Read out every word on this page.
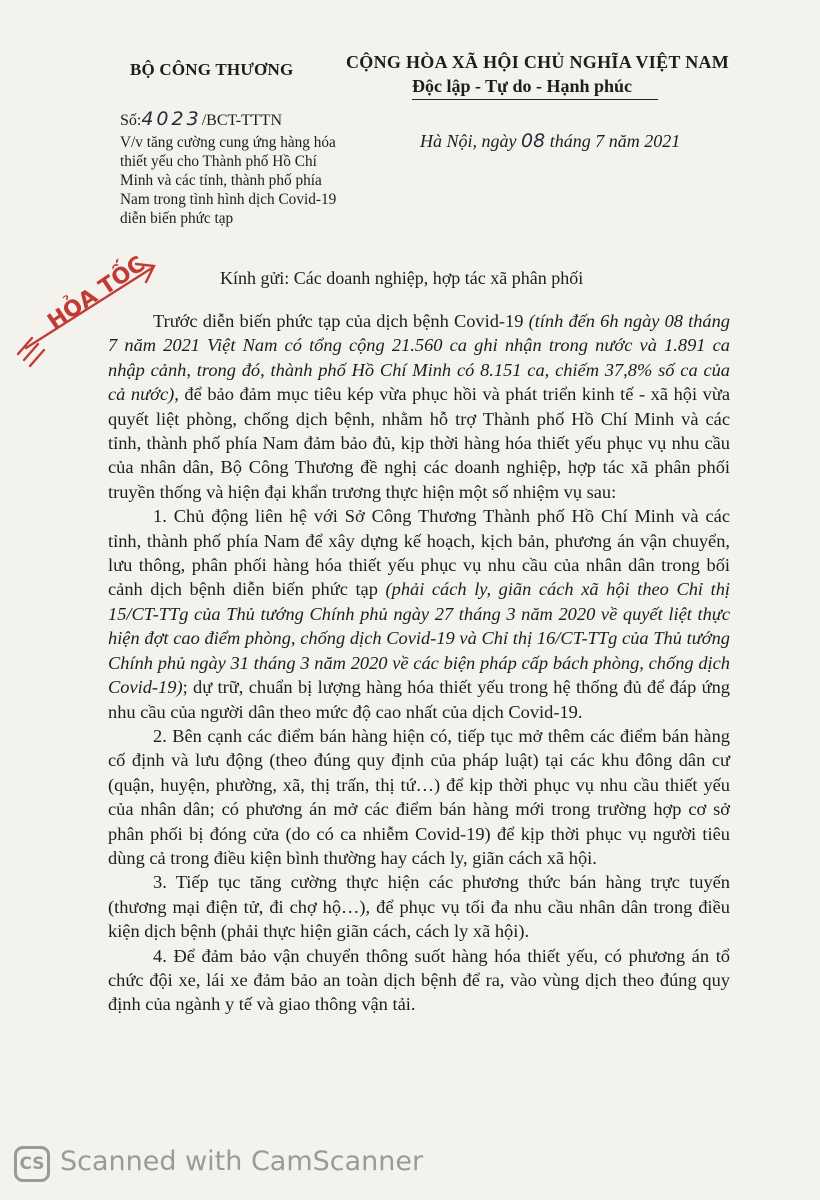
BỘ CÔNG THƯƠNG	CỘNG HÒA XÃ HỘI CHỦ NGHĨA VIỆT NAM
Độc lập - Tự do - Hạnh phúc
Số:4023/BCT-TTTN
V/v tăng cường cung ứng hàng hóa thiết yếu cho Thành phố Hồ Chí Minh và các tỉnh, thành phố phía Nam trong tình hình dịch Covid-19 diễn biến phức tạp
Hà Nội, ngày 08 tháng 7 năm 2021
HỎA TỐC	Kính gửi: Các doanh nghiệp, hợp tác xã phân phối

Trước diễn biến phức tạp của dịch bệnh Covid-19 (tính đến 6h ngày 08 tháng 7 năm 2021 Việt Nam có tổng cộng 21.560 ca ghi nhận trong nước và 1.891 ca nhập cảnh, trong đó, thành phố Hồ Chí Minh có 8.151 ca, chiếm 37,8% số ca của cả nước), để bảo đảm mục tiêu kép vừa phục hồi và phát triển kinh tế - xã hội vừa quyết liệt phòng, chống dịch bệnh, nhằm hỗ trợ Thành phố Hồ Chí Minh và các tỉnh, thành phố phía Nam đảm bảo đủ, kịp thời hàng hóa thiết yếu phục vụ nhu cầu của nhân dân, Bộ Công Thương đề nghị các doanh nghiệp, hợp tác xã phân phối truyền thống và hiện đại khẩn trương thực hiện một số nhiệm vụ sau:

1. Chủ động liên hệ với Sở Công Thương Thành phố Hồ Chí Minh và các tỉnh, thành phố phía Nam để xây dựng kế hoạch, kịch bản, phương án vận chuyển, lưu thông, phân phối hàng hóa thiết yếu phục vụ nhu cầu của nhân dân trong bối cảnh dịch bệnh diễn biến phức tạp (phải cách ly, giãn cách xã hội theo Chỉ thị 15/CT-TTg của Thủ tướng Chính phủ ngày 27 tháng 3 năm 2020 về quyết liệt thực hiện đợt cao điểm phòng, chống dịch Covid-19 và Chỉ thị 16/CT-TTg của Thủ tướng Chính phủ ngày 31 tháng 3 năm 2020 về các biện pháp cấp bách phòng, chống dịch Covid-19); dự trữ, chuẩn bị lượng hàng hóa thiết yếu trong hệ thống đủ để đáp ứng nhu cầu của người dân theo mức độ cao nhất của dịch Covid-19.

2. Bên cạnh các điểm bán hàng hiện có, tiếp tục mở thêm các điểm bán hàng cố định và lưu động (theo đúng quy định của pháp luật) tại các khu đông dân cư (quận, huyện, phường, xã, thị trấn, thị tứ…) để kịp thời phục vụ nhu cầu thiết yếu của nhân dân; có phương án mở các điểm bán hàng mới trong trường hợp cơ sở phân phối bị đóng cửa (do có ca nhiễm Covid-19) để kịp thời phục vụ người tiêu dùng cả trong điều kiện bình thường hay cách ly, giãn cách xã hội.

3. Tiếp tục tăng cường thực hiện các phương thức bán hàng trực tuyến (thương mại điện tử, đi chợ hộ…), để phục vụ tối đa nhu cầu nhân dân trong điều kiện dịch bệnh (phải thực hiện giãn cách, cách ly xã hội).

4. Để đảm bảo vận chuyển thông suốt hàng hóa thiết yếu, có phương án tổ chức đội xe, lái xe đảm bảo an toàn dịch bệnh để ra, vào vùng dịch theo đúng quy định của ngành y tế và giao thông vận tải.

CS Scanned with CamScanner
